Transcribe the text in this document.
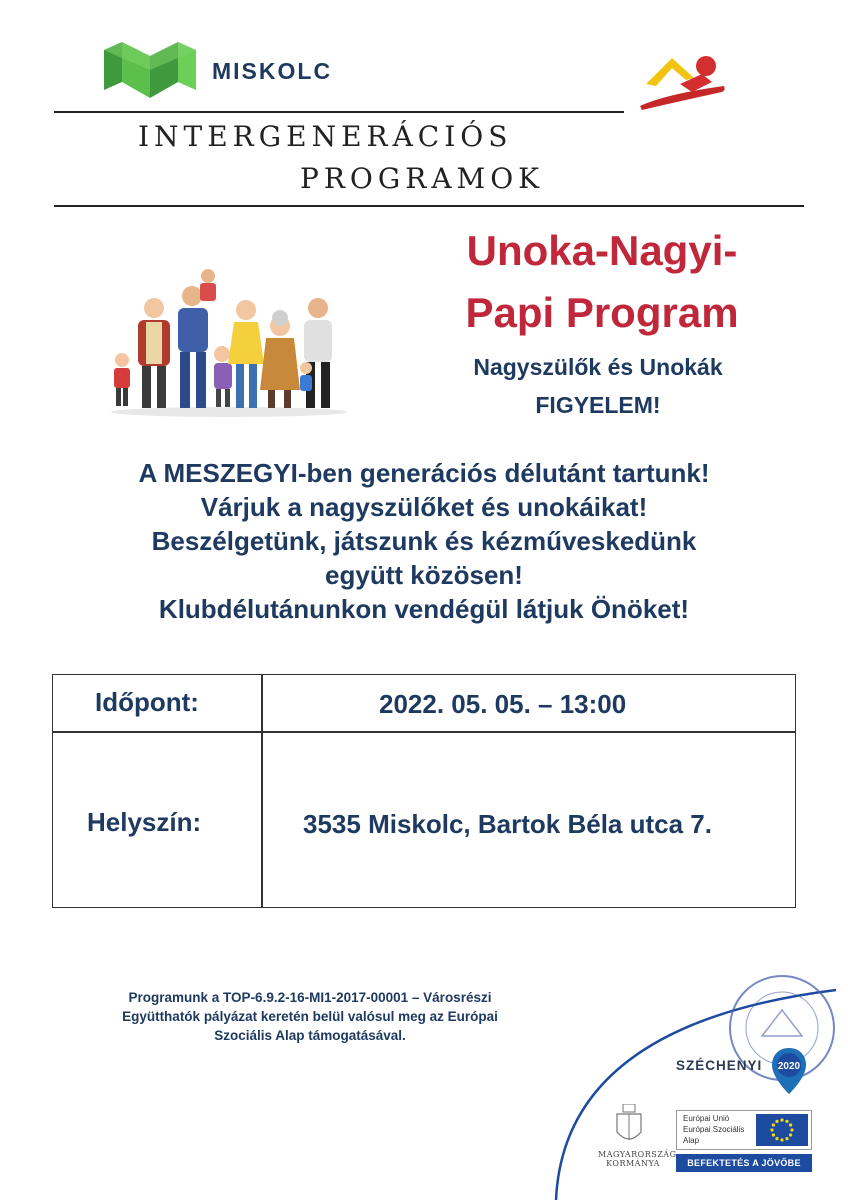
MISKOLC
INTERGENERÁCIÓS
PROGRAMOK
Unoka-Nagyi-
Papi Program
Nagyszülők és Unokák
FIGYELEM!
A MESZEGYI-ben generációs délutánt tartunk!
Várjuk a nagyszülőket és unokáikat!
Beszélgetünk, játszunk és kézműveskedünk
együtt közösen!
Klubdélutánunkon vendégül látjuk Önöket!
Időpont:	2022. 05. 05. – 13:00
Helyszín:	3535 Miskolc, Bartok Béla utca 7.
Programunk a TOP-6.9.2-16-MI1-2017-00001 – Városrészi
Együtthatók pályázat keretén belül valósul meg az Európai
Szociális Alap támogatásával.
SZÉCHENYI 2020
MAGYARORSZÁG
KORMÁNYA
Európai Unió
Európai Szociális
Alap
BEFEKTETÉS A JÖVŐBE
